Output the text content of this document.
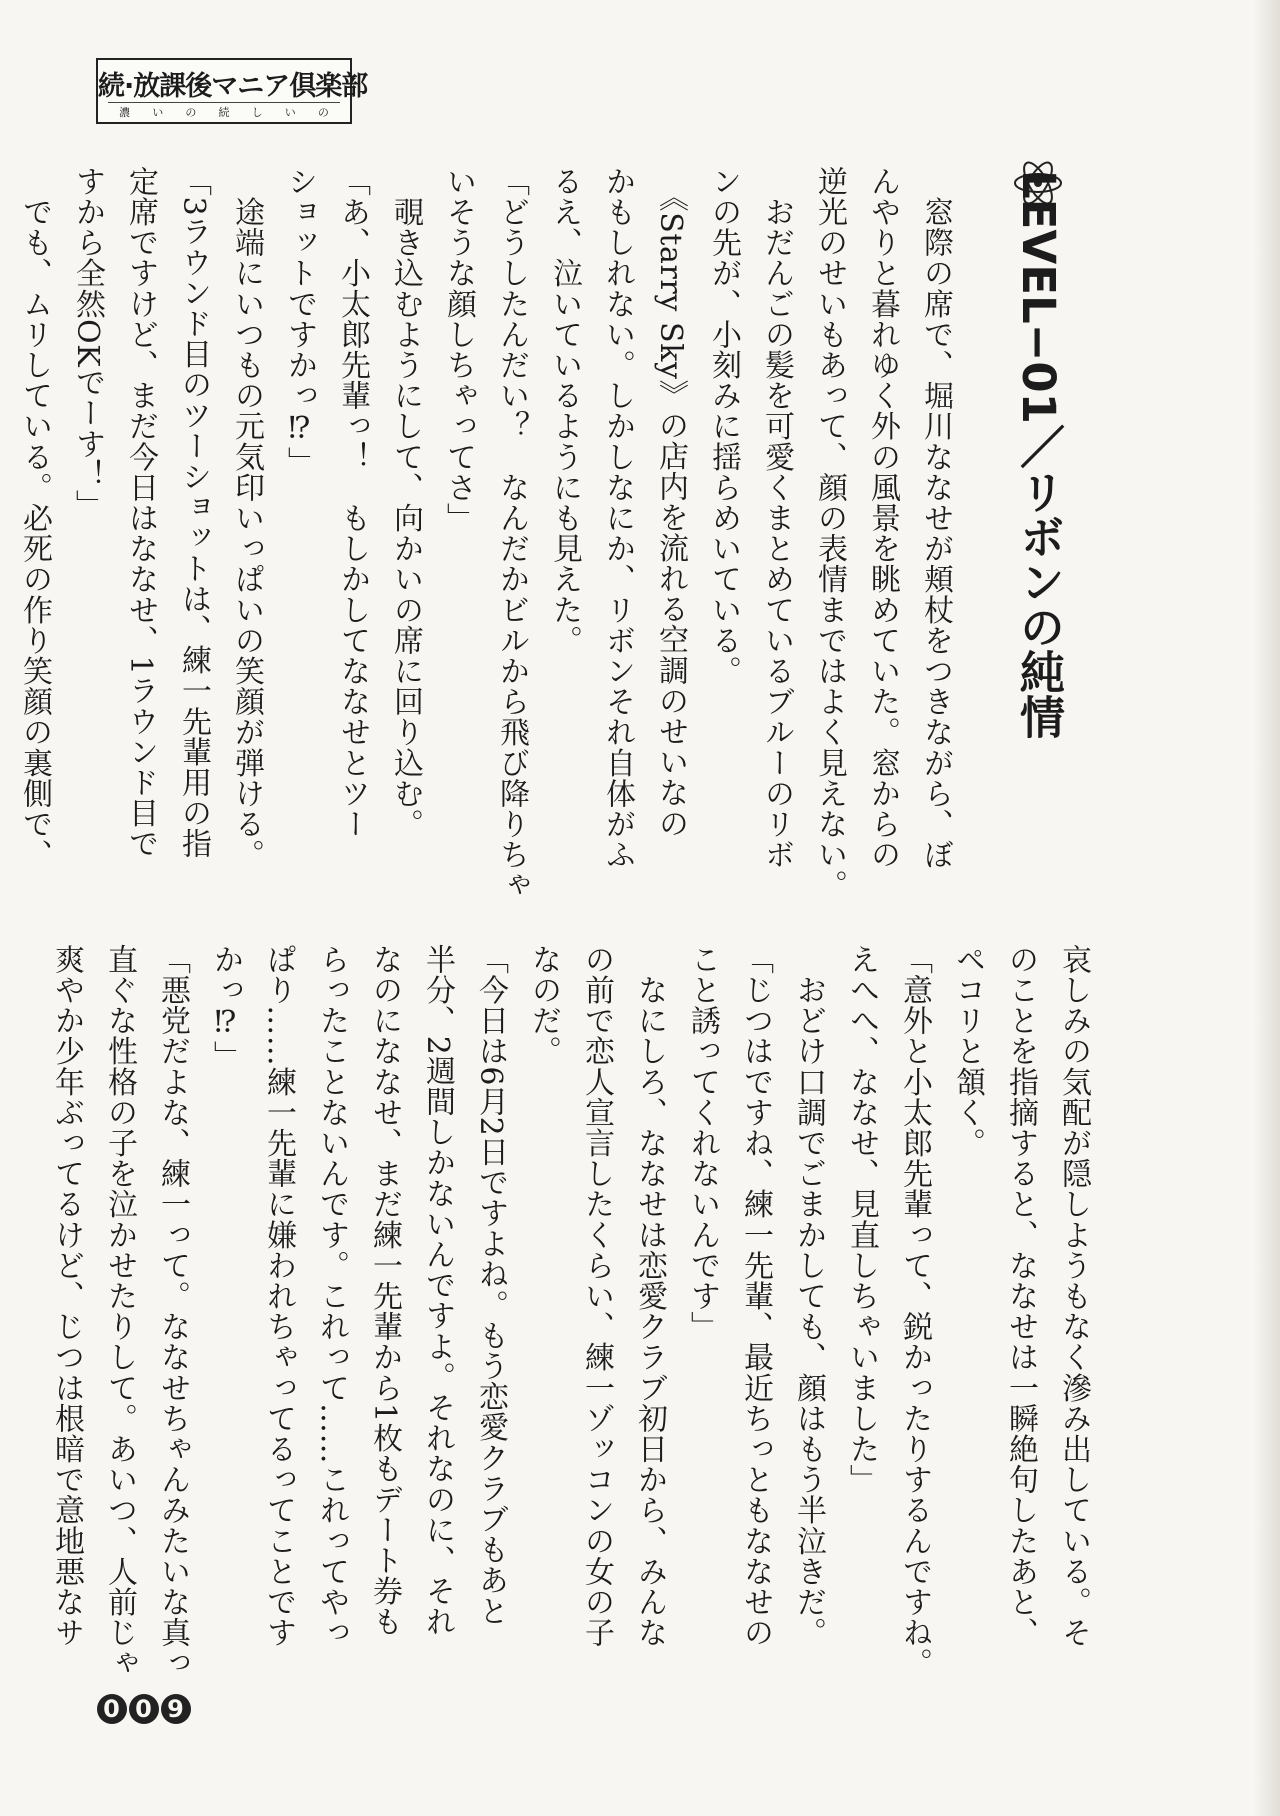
続·放課後マニア倶楽部
濃 い の 続 し い の
LEVEL−01／リボンの純情

　窓際の席で、堀川ななせが頬杖をつきながら、ぼ

んやりと暮れゆく外の風景を眺めていた。窓からの

逆光のせいもあって、顔の表情まではよく見えない。

　おだんごの髪を可愛くまとめているブルーのリボ

ンの先が、小刻みに揺らめいている。

　《Starry Sky》の店内を流れる空調のせいなの

かもしれない。しかしなにか、リボンそれ自体がふ

るえ、泣いているようにも見えた。

「どうしたんだい？　なんだかビルから飛び降りちゃ

いそうな顔しちゃってさ」

　覗き込むようにして、向かいの席に回り込む。

「あ、小太郎先輩っ！　もしかしてななせとツー

ショットですかっ⁉」

　途端にいつもの元気印いっぱいの笑顔が弾ける。

「3ラウンド目のツーショットは、練一先輩用の指

定席ですけど、まだ今日はななせ、1ラウンド目で

すから全然OKでーす！」

　でも、ムリしている。必死の作り笑顔の裏側で、

哀しみの気配が隠しようもなく滲み出している。そ

のことを指摘すると、ななせは一瞬絶句したあと、

ペコリと頷く。

「意外と小太郎先輩って、鋭かったりするんですね。

えへへ、ななせ、見直しちゃいました」

　おどけ口調でごまかしても、顔はもう半泣きだ。

「じつはですね、練一先輩、最近ちっともななせの

こと誘ってくれないんです」

　なにしろ、ななせは恋愛クラブ初日から、みんな

の前で恋人宣言したくらい、練一ゾッコンの女の子

なのだ。

「今日は6月2日ですよね。もう恋愛クラブもあと

半分、2週間しかないんですよ。それなのに、それ

なのにななせ、まだ練一先輩から1枚もデート券も

らったことないんです。これって……これってやっ

ぱり……練一先輩に嫌われちゃってるってことです

かっ⁉」

「悪党だよな、練一って。ななせちゃんみたいな真っ

直ぐな性格の子を泣かせたりして。あいつ、人前じゃ

爽やか少年ぶってるけど、じつは根暗で意地悪なサ

0 0 9
